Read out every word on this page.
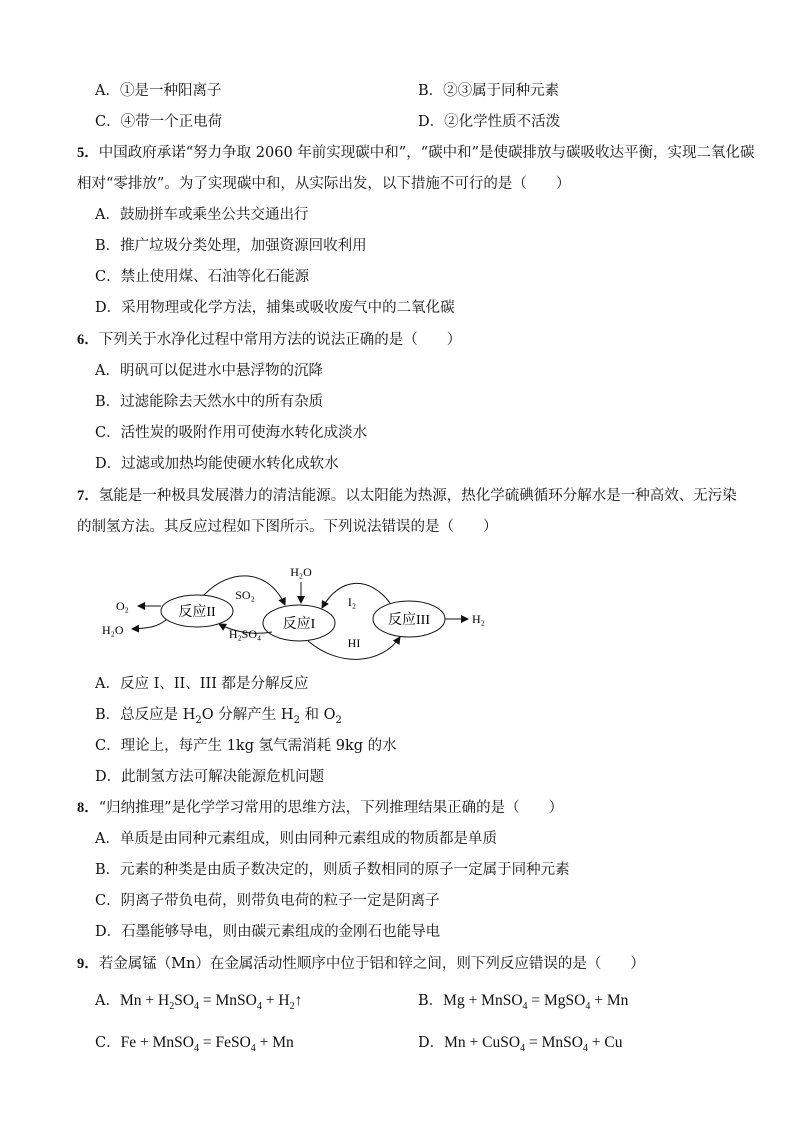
A．①是一种阳离子	B．②③属于同种元素
C．④带一个正电荷	D．②化学性质不活泼
5．中国政府承诺“努力争取 2060 年前实现碳中和”，“碳中和”是使碳排放与碳吸收达平衡，实现二氧化碳
相对“零排放”。为了实现碳中和，从实际出发，以下措施不可行的是（　　）
A．鼓励拼车或乘坐公共交通出行
B．推广垃圾分类处理，加强资源回收利用
C．禁止使用煤、石油等化石能源
D．采用物理或化学方法，捕集或吸收废气中的二氧化碳
6．下列关于水净化过程中常用方法的说法正确的是（　　）
A．明矾可以促进水中悬浮物的沉降
B．过滤能除去天然水中的所有杂质
C．活性炭的吸附作用可使海水转化成淡水
D．过滤或加热均能使硬水转化成软水
7．氢能是一种极具发展潜力的清洁能源。以太阳能为热源，热化学硫碘循环分解水是一种高效、无污染
的制氢方法。其反应过程如下图所示。下列说法错误的是（　　）
反应II
反应I	反应III
H₂O
SO₂
H₂SO₄
I₂
HI
O₂
H₂O
H₂
A．反应 I、II、III 都是分解反应
B．总反应是 $H_2O$ 分解产生 $H_2$ 和 $O_2$
C．理论上，每产生 1kg 氢气需消耗 9kg 的水
D．此制氢方法可解决能源危机问题
8．“归纳推理”是化学学习常用的思维方法，下列推理结果正确的是（　　）
A．单质是由同种元素组成，则由同种元素组成的物质都是单质
B．元素的种类是由质子数决定的，则质子数相同的原子一定属于同种元素
C．阴离子带负电荷，则带负电荷的粒子一定是阴离子
D．石墨能够导电，则由碳元素组成的金刚石也能导电
9．若金属锰（Mn）在金属活动性顺序中位于铝和锌之间，则下列反应错误的是（　　）
A．$Mn + H_2SO_4$ = MnSO$_4$ + $H_2↑$	B．Mg + MnSO$_4$ = MgSO$_4$ + Mn
C．Fe + MnSO$_4$ = FeSO$_4$ + Mn	D．Mn + CuSO$_4$ = MnSO$_4$ + Cu
